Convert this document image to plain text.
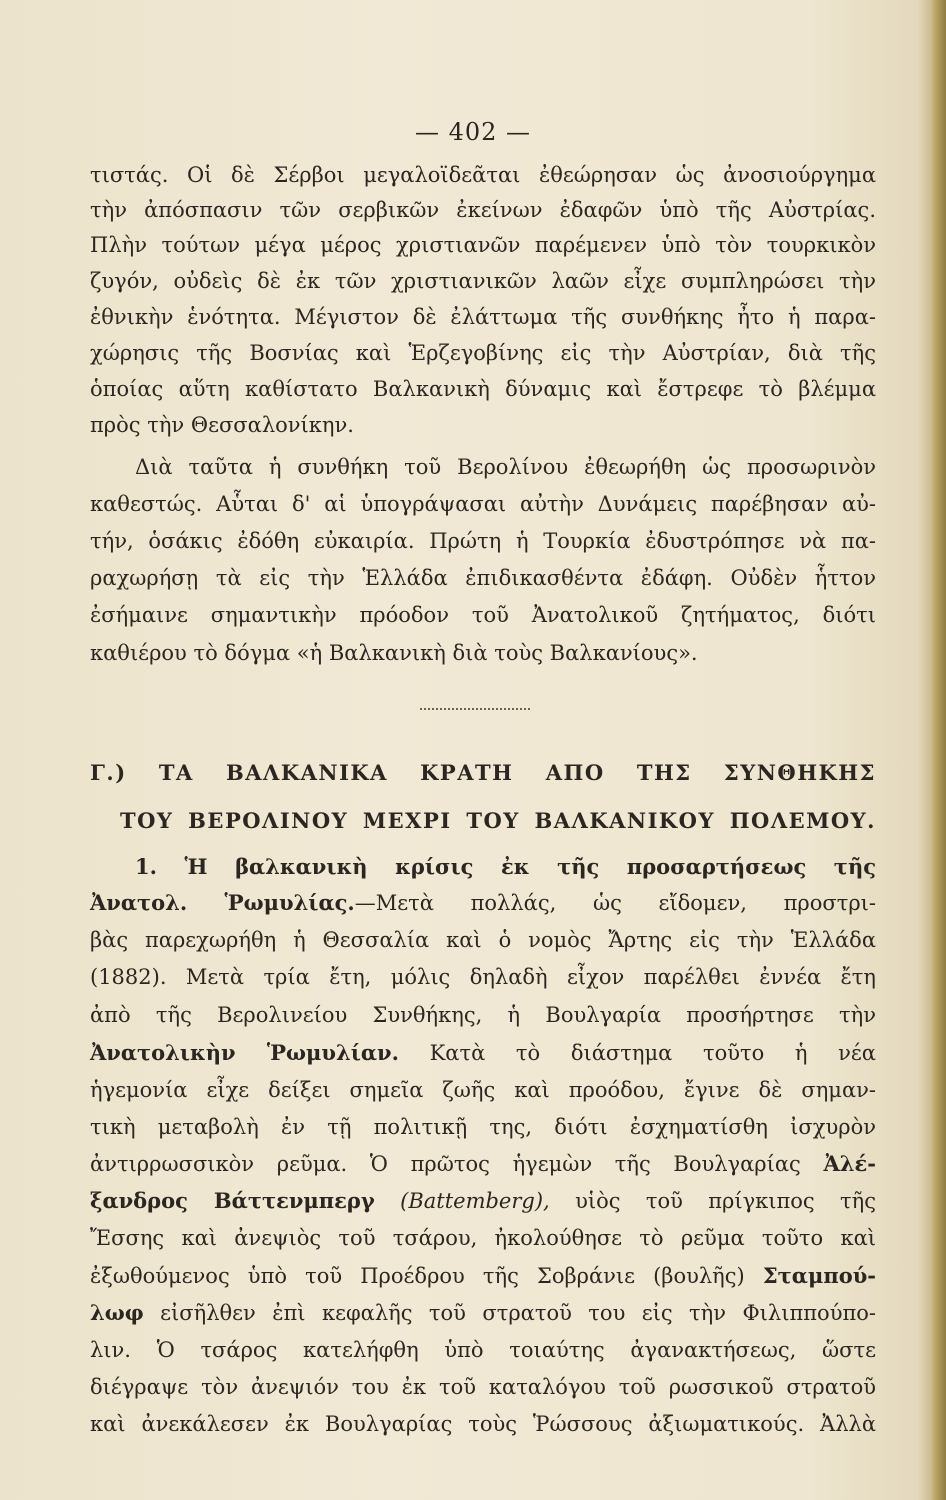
— 402 —
τιστάς. Οἱ δὲ Σέρβοι μεγαλοϊδεᾶται ἐθεώρησαν ὡς ἀνοσιούργημα
τὴν ἀπόσπασιν τῶν σερβικῶν ἐκείνων ἐδαφῶν ὑπὸ τῆς Αὐστρίας.
Πλὴν τούτων μέγα μέρος χριστιανῶν παρέμενεν ὑπὸ τὸν τουρκικὸν
ζυγόν, οὐδεὶς δὲ ἐκ τῶν χριστιανικῶν λαῶν εἶχε συμπληρώσει τὴν
ἐθνικὴν ἑνότητα. Μέγιστον δὲ ἐλάττωμα τῆς συνθήκης ἦτο ἡ παρα-
χώρησις τῆς Βοσνίας καὶ Ἑρζεγοβίνης εἰς τὴν Αὐστρίαν, διὰ τῆς
ὁποίας αὕτη καθίστατο Βαλκανικὴ δύναμις καὶ ἔστρεφε τὸ βλέμμα
πρὸς τὴν Θεσσαλονίκην.
Διὰ ταῦτα ἡ συνθήκη τοῦ Βερολίνου ἐθεωρήθη ὡς προσωρινὸν
καθεστώς. Αὗται δ' αἱ ὑπογράψασαι αὐτὴν Δυνάμεις παρέβησαν αὐ-
τήν, ὁσάκις ἐδόθη εὐκαιρία. Πρώτη ἡ Τουρκία ἐδυστρόπησε νὰ πα-
ραχωρήσῃ τὰ εἰς τὴν Ἑλλάδα ἐπιδικασθέντα ἐδάφη. Οὐδὲν ἧττον
ἐσήμαινε σημαντικὴν πρόοδον τοῦ Ἀνατολικοῦ ζητήματος, διότι
καθιέρου τὸ δόγμα «ἡ Βαλκανικὴ διὰ τοὺς Βαλκανίους».
Γ.) ΤΑ ΒΑΛΚΑΝΙΚΑ ΚΡΑΤΗ ΑΠΟ ΤΗΣ ΣΥΝΘΗΚΗΣ
ΤΟΥ ΒΕΡΟΛΙΝΟΥ ΜΕΧΡΙ ΤΟΥ ΒΑΛΚΑΝΙΚΟΥ ΠΟΛΕΜΟΥ.
1. Ἡ βαλκανικὴ κρίσις ἐκ τῆς προσαρτήσεως τῆς
Ἀνατολ. Ῥωμυλίας.—Μετὰ πολλάς, ὡς εἴδομεν, προστρι-
βὰς παρεχωρήθη ἡ Θεσσαλία καὶ ὁ νομὸς Ἄρτης εἰς τὴν Ἑλλάδα
(1882). Μετὰ τρία ἔτη, μόλις δηλαδὴ εἶχον παρέλθει ἐννέα ἔτη
ἀπὸ τῆς Βερολινείου Συνθήκης, ἡ Βουλγαρία προσήρτησε τὴν
Ἀνατολικὴν Ῥωμυλίαν. Κατὰ τὸ διάστημα τοῦτο ἡ νέα
ἡγεμονία εἶχε δείξει σημεῖα ζωῆς καὶ προόδου, ἔγινε δὲ σημαν-
τικὴ μεταβολὴ ἐν τῇ πολιτικῇ της, διότι ἐσχηματίσθη ἰσχυρὸν
ἀντιρρωσσικὸν ρεῦμα. Ὁ πρῶτος ἡγεμὼν τῆς Βουλγαρίας Ἀλέ-
ξανδρος Βάττενμπεργ (Battemberg), υἱὸς τοῦ πρίγκιπος τῆς
Ἔσσης καὶ ἀνεψιὸς τοῦ τσάρου, ἠκολούθησε τὸ ρεῦμα τοῦτο καὶ
ἐξωθούμενος ὑπὸ τοῦ Προέδρου τῆς Σοβράνιε (βουλῆς) Σταμπού-
λωφ εἰσῆλθεν ἐπὶ κεφαλῆς τοῦ στρατοῦ του εἰς τὴν Φιλιππούπο-
λιν. Ὁ τσάρος κατελήφθη ὑπὸ τοιαύτης ἀγανακτήσεως, ὥστε
διέγραψε τὸν ἀνεψιόν του ἐκ τοῦ καταλόγου τοῦ ρωσσικοῦ στρατοῦ
καὶ ἀνεκάλεσεν ἐκ Βουλγαρίας τοὺς Ῥώσσους ἀξιωματικούς. Ἀλλὰ
